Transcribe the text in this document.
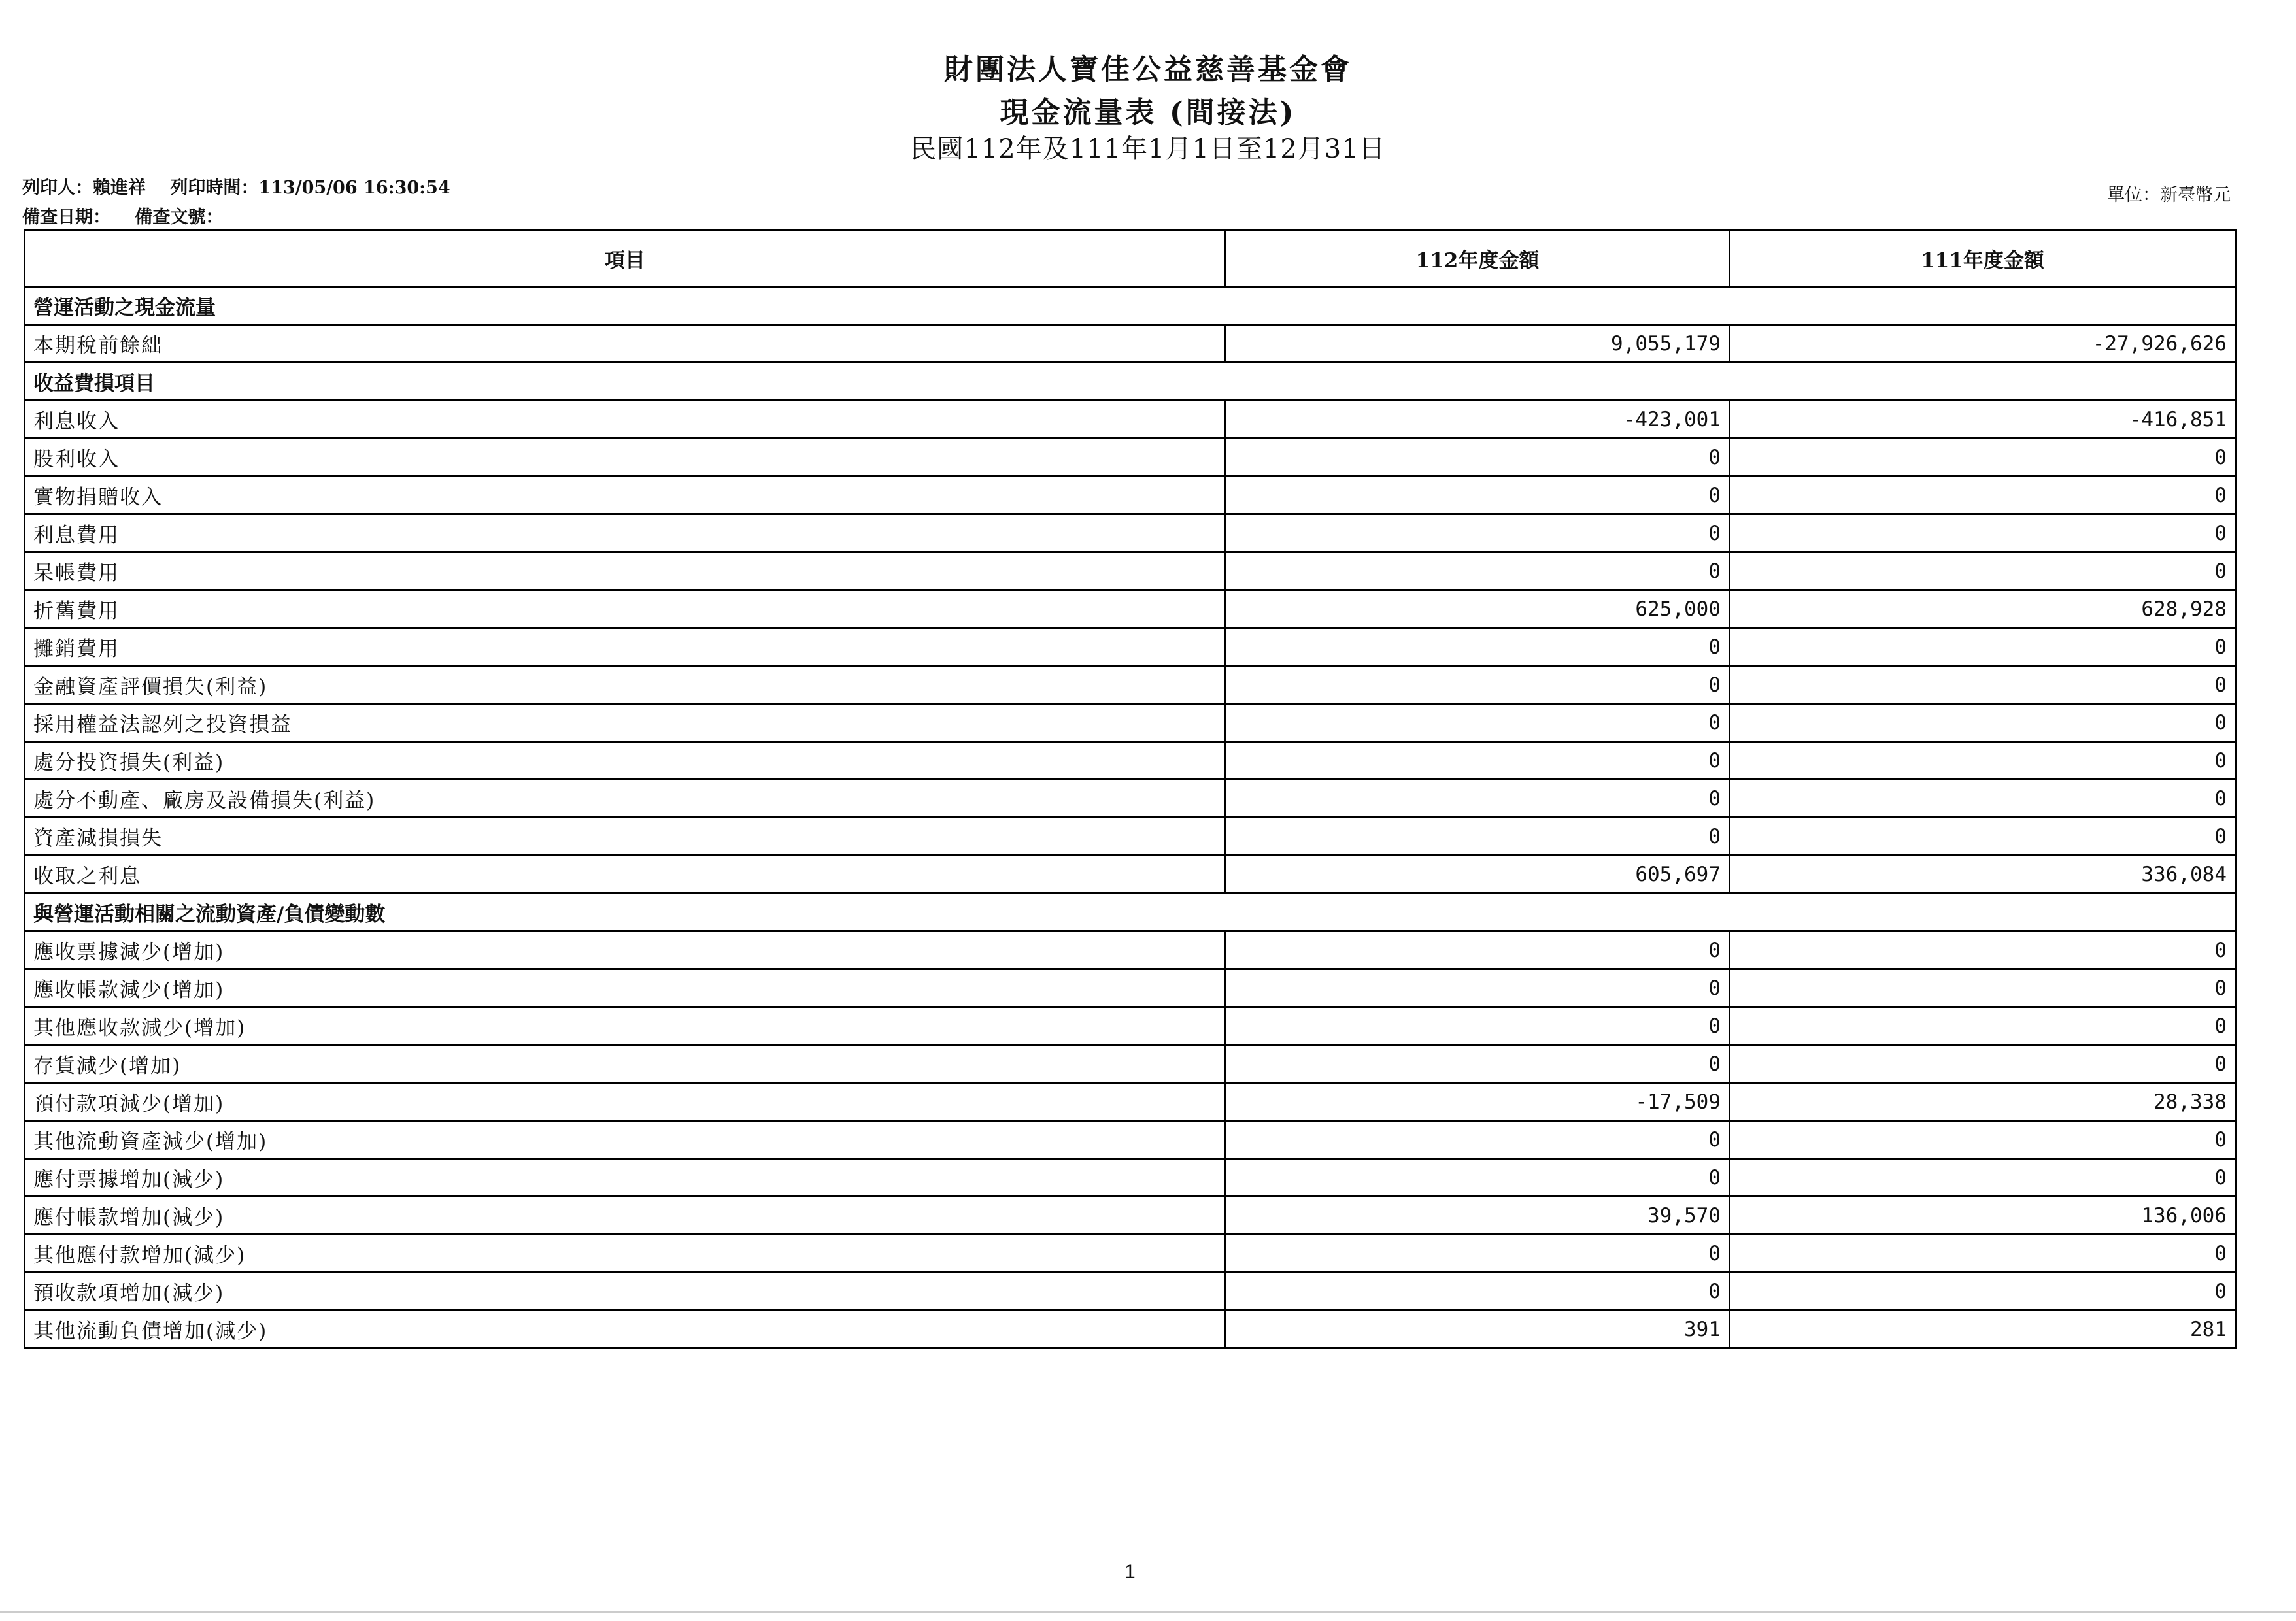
財團法人寶佳公益慈善基金會
現金流量表 (間接法)
民國112年及111年1月1日至12月31日
列印人：賴進祥 列印時間：113/05/06 16:30:54
備查日期： 備查文號：
單位：新臺幣元
項目	112年度金額	111年度金額
營運活動之現金流量		
本期稅前餘絀	9,055,179	-27,926,626
收益費損項目		
利息收入	-423,001	-416,851
股利收入	0	0
實物捐贈收入	0	0
利息費用	0	0
呆帳費用	0	0
折舊費用	625,000	628,928
攤銷費用	0	0
金融資產評價損失(利益)	0	0
採用權益法認列之投資損益	0	0
處分投資損失(利益)	0	0
處分不動產、廠房及設備損失(利益)	0	0
資產減損損失	0	0
收取之利息	605,697	336,084
與營運活動相關之流動資產/負債變動數		
應收票據減少(增加)	0	0
應收帳款減少(增加)	0	0
其他應收款減少(增加)	0	0
存貨減少(增加)	0	0
預付款項減少(增加)	-17,509	28,338
其他流動資產減少(增加)	0	0
應付票據增加(減少)	0	0
應付帳款增加(減少)	39,570	136,006
其他應付款增加(減少)	0	0
預收款項增加(減少)	0	0
其他流動負債增加(減少)	391	281
1
